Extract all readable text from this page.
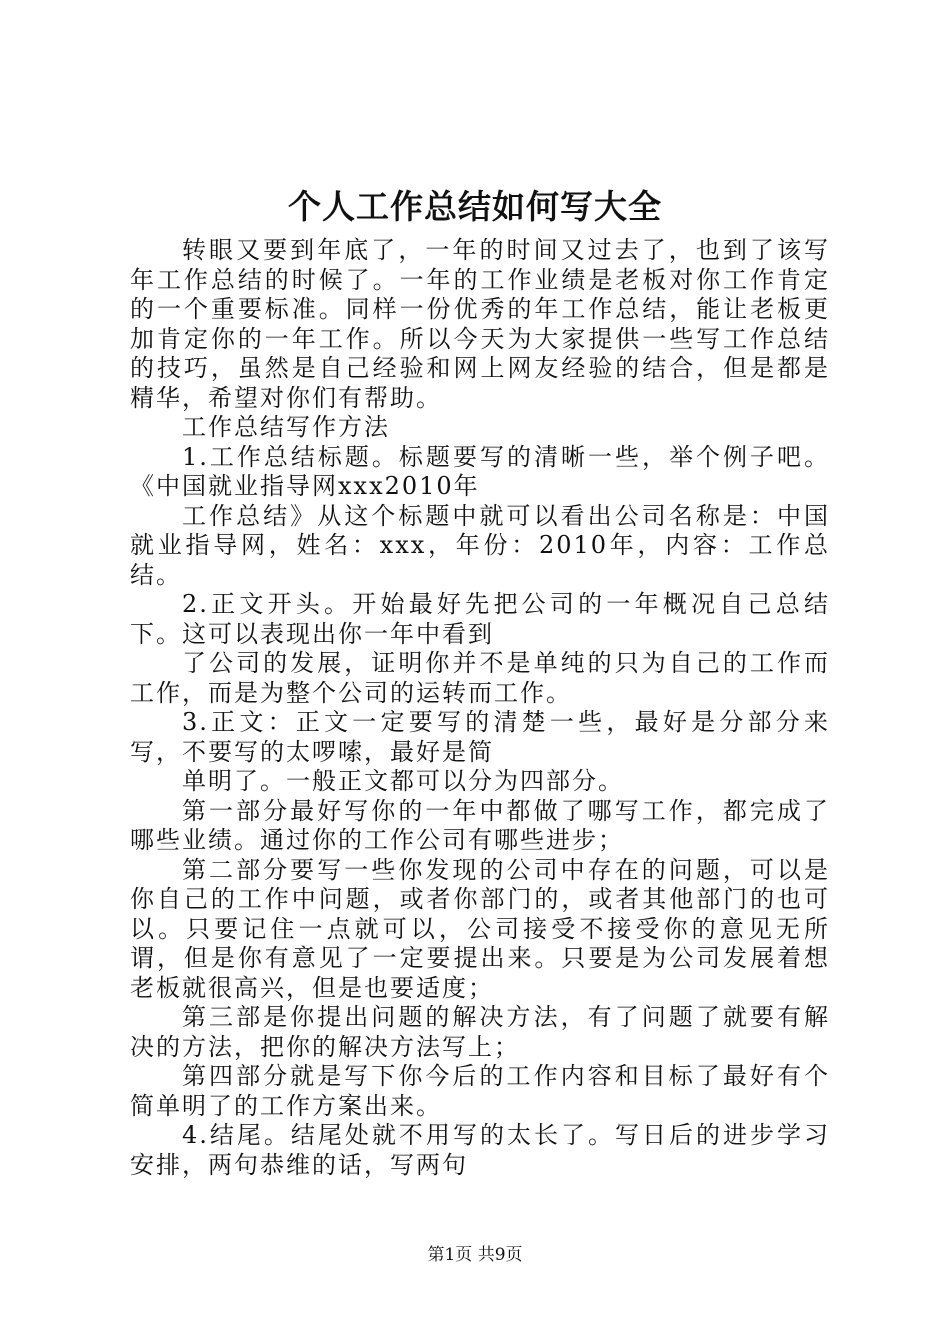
个人工作总结如何写大全

转眼又要到年底了，一年的时间又过去了，也到了该写年工作总结的时候了。一年的工作业绩是老板对你工作肯定的一个重要标准。同样一份优秀的年工作总结，能让老板更加肯定你的一年工作。所以今天为大家提供一些写工作总结的技巧，虽然是自己经验和网上网友经验的结合，但是都是精华，希望对你们有帮助。

工作总结写作方法

1.工作总结标题。标题要写的清晰一些，举个例子吧。《中国就业指导网xxx2010年

工作总结》从这个标题中就可以看出公司名称是：中国就业指导网，姓名：xxx，年份：2010年，内容：工作总结。

2.正文开头。开始最好先把公司的一年概况自己总结下。这可以表现出你一年中看到

了公司的发展，证明你并不是单纯的只为自己的工作而工作，而是为整个公司的运转而工作。

3.正文：正文一定要写的清楚一些，最好是分部分来写，不要写的太啰嗦，最好是简

单明了。一般正文都可以分为四部分。

第一部分最好写你的一年中都做了哪写工作，都完成了哪些业绩。通过你的工作公司有哪些进步；

第二部分要写一些你发现的公司中存在的问题，可以是你自己的工作中问题，或者你部门的，或者其他部门的也可以。只要记住一点就可以，公司接受不接受你的意见无所谓，但是你有意见了一定要提出来。只要是为公司发展着想老板就很高兴，但是也要适度；

第三部是你提出问题的解决方法，有了问题了就要有解决的方法，把你的解决方法写上；

第四部分就是写下你今后的工作内容和目标了最好有个简单明了的工作方案出来。

4.结尾。结尾处就不用写的太长了。写日后的进步学习安排，两句恭维的话，写两句

第1页 共9页
